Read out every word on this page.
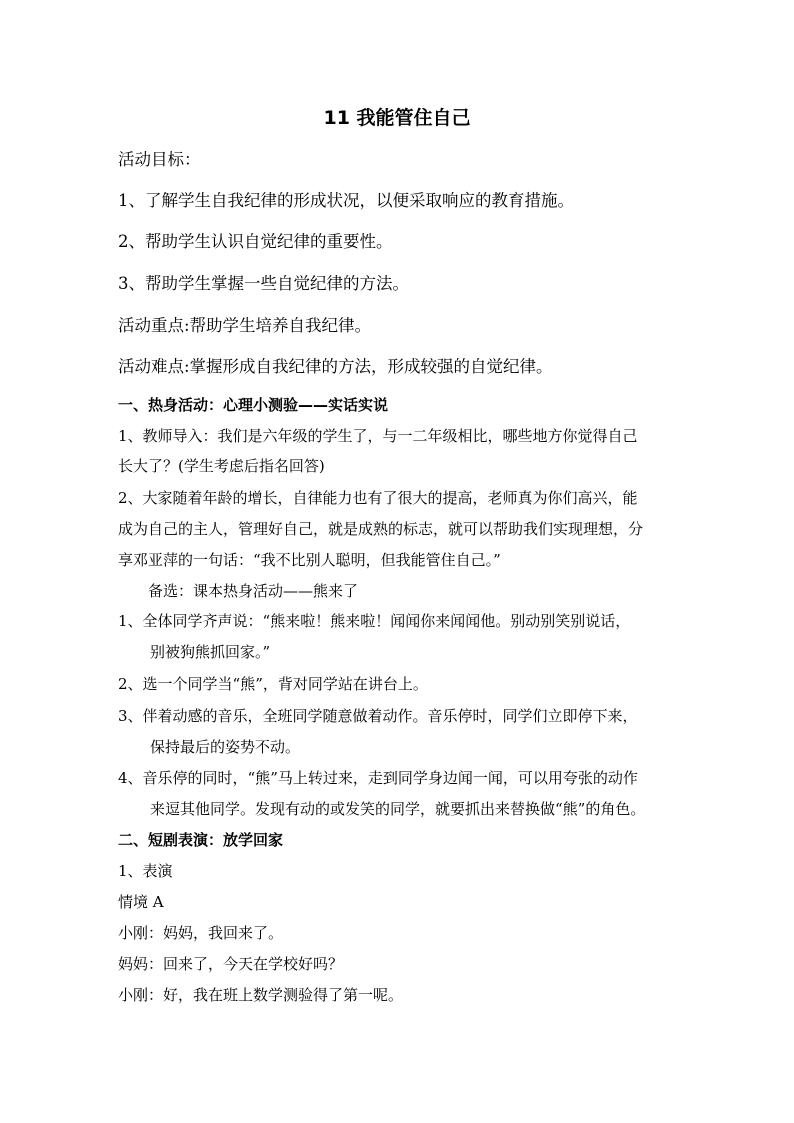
11 我能管住自己
活动目标：
1、了解学生自我纪律的形成状况，以便采取响应的教育措施。
2、帮助学生认识自觉纪律的重要性。
3、帮助学生掌握一些自觉纪律的方法。
活动重点:帮助学生培养自我纪律。
活动难点:掌握形成自我纪律的方法，形成较强的自觉纪律。
一、热身活动：心理小测验——实话实说
1、教师导入：我们是六年级的学生了，与一二年级相比，哪些地方你觉得自己
长大了？(学生考虑后指名回答)
2、大家随着年龄的增长，自律能力也有了很大的提高，老师真为你们高兴，能
成为自己的主人，管理好自己，就是成熟的标志，就可以帮助我们实现理想，分
享邓亚萍的一句话：“我不比别人聪明，但我能管住自己。”
备选：课本热身活动——熊来了
1、全体同学齐声说：“熊来啦！熊来啦！闻闻你来闻闻他。别动别笑别说话，
别被狗熊抓回家。”
2、选一个同学当“熊”，背对同学站在讲台上。
3、伴着动感的音乐，全班同学随意做着动作。音乐停时，同学们立即停下来，
保持最后的姿势不动。
4、音乐停的同时，“熊”马上转过来，走到同学身边闻一闻，可以用夸张的动作
来逗其他同学。发现有动的或发笑的同学，就要抓出来替换做“熊”的角色。
二、短剧表演：放学回家
1、表演
情境 A
小刚：妈妈，我回来了。
妈妈：回来了，今天在学校好吗？
小刚：好，我在班上数学测验得了第一呢。
